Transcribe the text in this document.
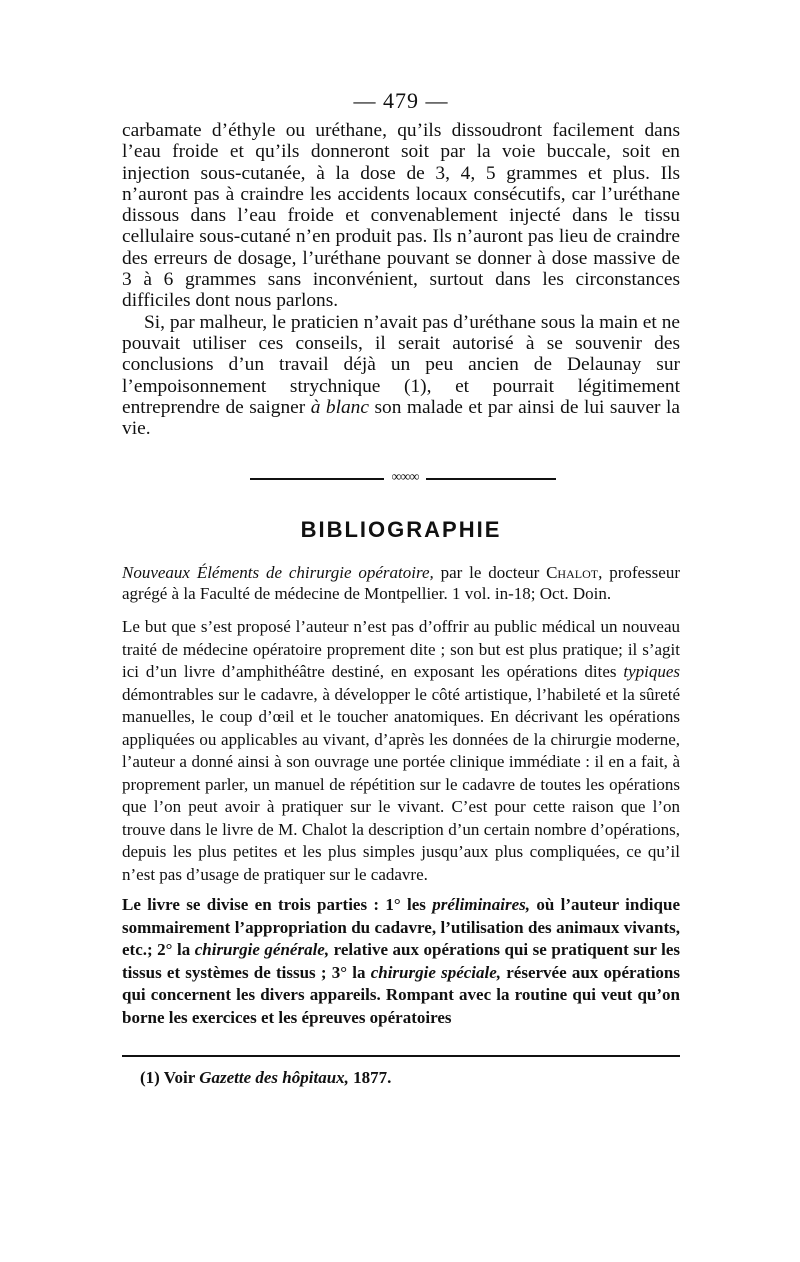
— 479 —

carbamate d’éthyle ou uréthane, qu’ils dissoudront facilement dans l’eau froide et qu’ils donneront soit par la voie buccale, soit en injection sous-cutanée, à la dose de 3, 4, 5 grammes et plus. Ils n’auront pas à craindre les accidents locaux consécutifs, car l’uréthane dissous dans l’eau froide et convenablement injecté dans le tissu cellulaire sous-cutané n’en produit pas. Ils n’auront pas lieu de craindre des erreurs de dosage, l’uréthane pouvant se donner à dose massive de 3 à 6 grammes sans inconvénient, surtout dans les circonstances difficiles dont nous parlons.

Si, par malheur, le praticien n’avait pas d’uréthane sous la main et ne pouvait utiliser ces conseils, il serait autorisé à se souvenir des conclusions d’un travail déjà un peu ancien de Delaunay sur l’empoisonnement strychnique (1), et pourrait légitimement entreprendre de saigner à blanc son malade et par ainsi de lui sauver la vie.

∞∞∞
BIBLIOGRAPHIE

Nouveaux Éléments de chirurgie opératoire, par le docteur Chalot, professeur agrégé à la Faculté de médecine de Montpellier. 1 vol. in-18; Oct. Doin.

Le but que s’est proposé l’auteur n’est pas d’offrir au public médical un nouveau traité de médecine opératoire proprement dite ; son but est plus pratique; il s’agit ici d’un livre d’amphithéâtre destiné, en exposant les opérations dites typiques démontrables sur le cadavre, à développer le côté artistique, l’habileté et la sûreté manuelles, le coup d’œil et le toucher anatomiques. En décrivant les opérations appliquées ou applicables au vivant, d’après les données de la chirurgie moderne, l’auteur a donné ainsi à son ouvrage une portée clinique immédiate : il en a fait, à proprement parler, un manuel de répétition sur le cadavre de toutes les opérations que l’on peut avoir à pratiquer sur le vivant. C’est pour cette raison que l’on trouve dans le livre de M. Chalot la description d’un certain nombre d’opérations, depuis les plus petites et les plus simples jusqu’aux plus compliquées, ce qu’il n’est pas d’usage de pratiquer sur le cadavre.

Le livre se divise en trois parties : 1° les préliminaires, où l’auteur indique sommairement l’appropriation du cadavre, l’utilisation des animaux vivants, etc.; 2° la chirurgie générale, relative aux opérations qui se pratiquent sur les tissus et systèmes de tissus ; 3° la chirurgie spéciale, réservée aux opérations qui concernent les divers appareils. Rompant avec la routine qui veut qu’on borne les exercices et les épreuves opératoires

(1) Voir Gazette des hôpitaux, 1877.
